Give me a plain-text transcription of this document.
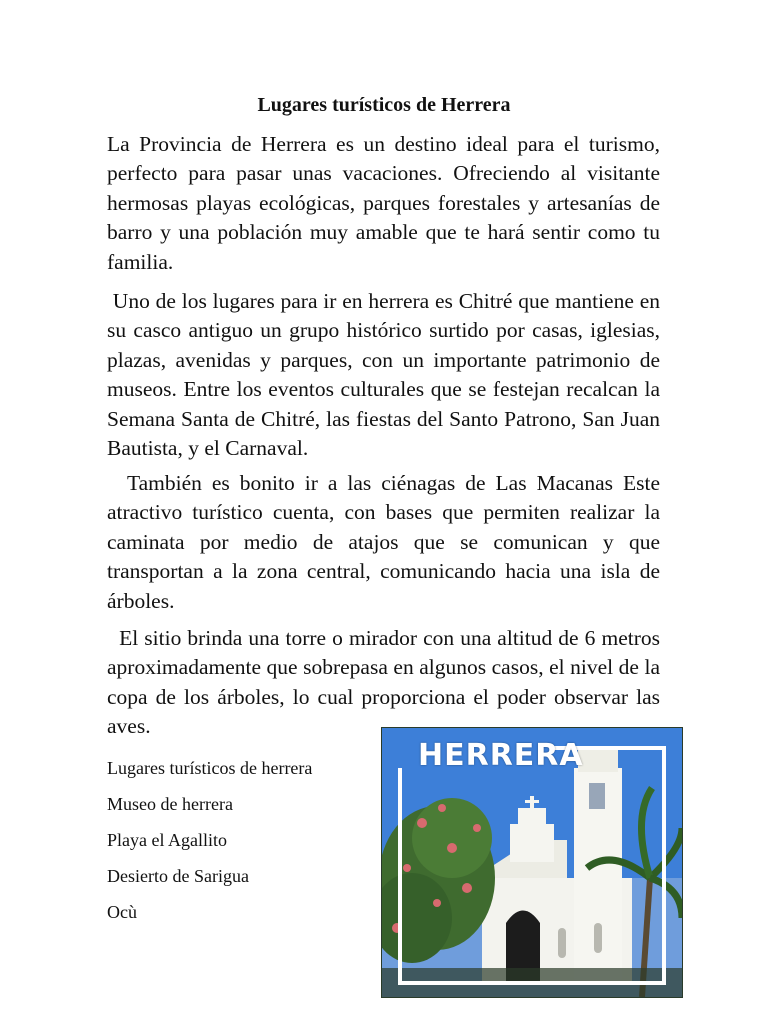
Lugares turísticos de Herrera

La Provincia de Herrera es un destino ideal para el turismo, perfecto para pasar unas vacaciones. Ofreciendo al visitante hermosas playas ecológicas, parques forestales y artesanías de barro y una población muy amable que te hará sentir como tu familia.

Uno de los lugares para ir en herrera es Chitré que mantiene en su casco antiguo un grupo histórico surtido por casas, iglesias, plazas, avenidas y parques, con un importante patrimonio de museos. Entre los eventos culturales que se festejan recalcan la Semana Santa de Chitré, las fiestas del Santo Patrono, San Juan Bautista, y el Carnaval.

También es bonito ir a las ciénagas de Las Macanas Este atractivo turístico cuenta, con bases que permiten realizar la caminata por medio de atajos que se comunican y que transportan a la zona central, comunicando hacia una isla de árboles.

El sitio brinda una torre o mirador con una altitud de 6 metros aproximadamente que sobrepasa en algunos casos, el nivel de la copa de los árboles, lo cual proporciona el poder observar las aves.

Lugares turísticos de herrera
Museo de herrera
Playa el Agallito
Desierto de Sarigua
Ocù
HERRERA
